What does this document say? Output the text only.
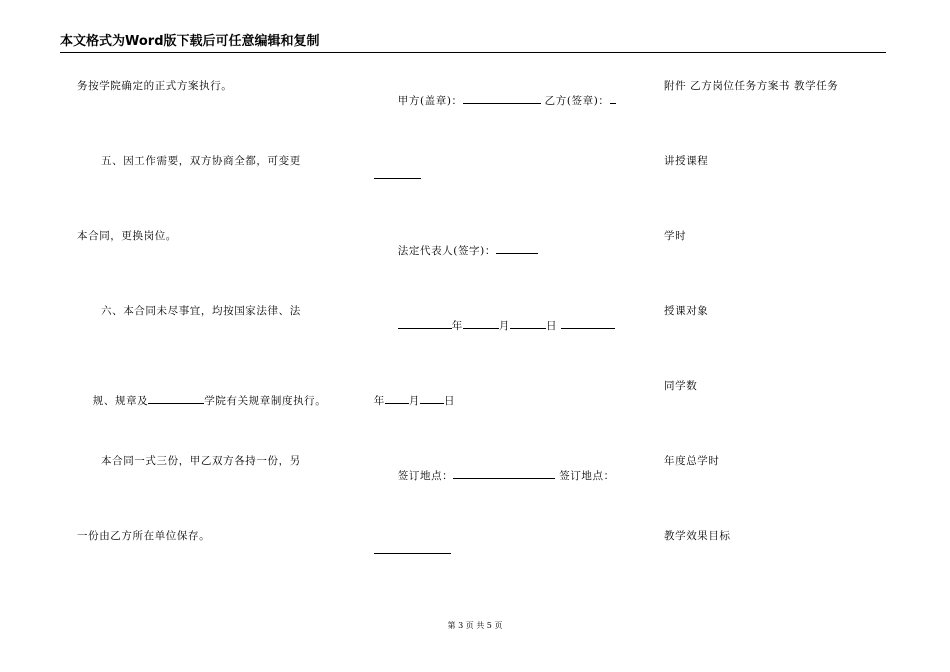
本文格式为Word版下载后可任意编辑和复制
务按学院确定的正式方案执行。
五、因工作需要，双方协商全都，可变更
本合同，更换岗位。
六、本合同未尽事宜，均按国家法律、法

规、规章及	学院有关规章制度执行。

本合同一式三份，甲乙双方各持一份，另
一份由乙方所在单位保存。

甲方(盖章)：	乙方(签章)：

法定代表人(签字)：

年	月	日

年 月 日

签订地点：	签订地点：

附件 乙方岗位任务方案书 教学任务
讲授课程
学时
授课对象
同学数
年度总学时
教学效果目标
第 3 页 共 5 页
